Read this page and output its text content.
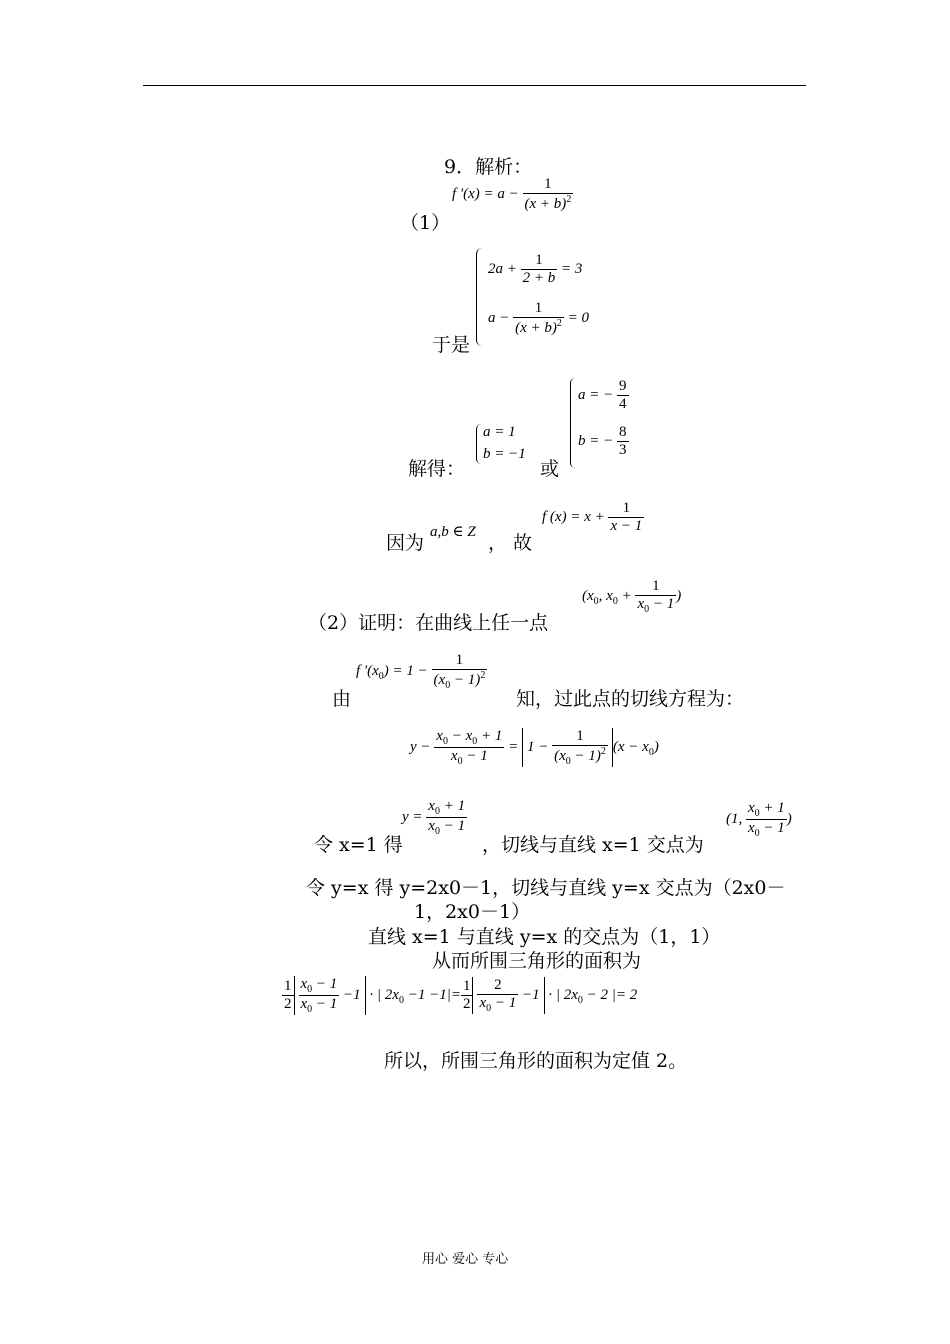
9．解析：
（1）
f '$(x) = a - \frac{1}{(x + b)^2}$
于是
$2a + \frac{1}{2 + b} = 3$
$a - \frac{1}{(x + b)^2} = 0$
解得：
a = 1
b = −1
或
a = − $\frac{9}{4}$
b = − $\frac{8}{3}$
因为 a,b ∈ Z ， 故
f $(x) = x + \frac{1}{x - 1}$
（2）证明：在曲线上任一点
($x_0$, $x_0 + \frac{1}{x_0 - 1}$ )
由
f '$(x_0) = 1 - \frac{1}{(x_0 - 1)^2}$
知，过此点的切线方程为：
$y - \frac{x_0 - x_0 + 1}{x_0 - 1} = 1 - \frac{1}{(x_0 - 1)^2} (x - x_0)$
令 x=1 得
$y = \frac{x_0 + 1}{x_0 - 1}$
，切线与直线 x=1 交点为
(1, $\frac{x_0 + 1}{x_0 - 1}$ )
令 y=x 得 y=2x0－1，切线与直线 y=x 交点为（2x0－
1，2x0－1）
直线 x=1 与直线 y=x 的交点为（1，1）
从而所围三角形的面积为
$\frac{1}{2} \frac{x_0 - 1}{x_0 - 1} -1$ · | $2x_0 -1 -1|= \frac{1}{2} \frac{2}{x_0 - 1} -1$ · | $2x_0 - 2$ |= 2
所以，所围三角形的面积为定值 2。
用心 爱心 专心
